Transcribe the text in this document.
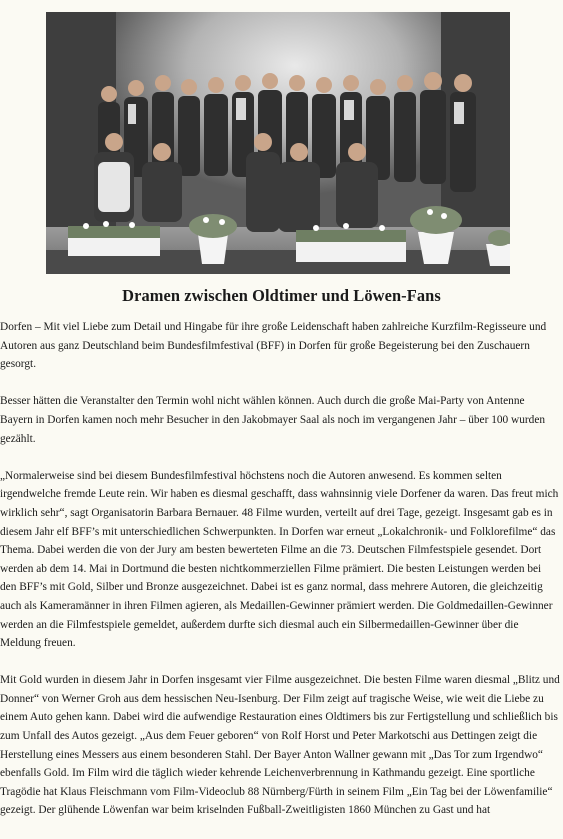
Dramen zwischen Oldtimer und Löwen-Fans

Dorfen – Mit viel Liebe zum Detail und Hingabe für ihre große Leidenschaft haben zahlreiche Kurzfilm-Regisseure und Autoren aus ganz Deutschland beim Bundesfilmfestival (BFF) in Dorfen für große Begeisterung bei den Zuschauern gesorgt.

Besser hätten die Veranstalter den Termin wohl nicht wählen können. Auch durch die große Mai-Party von Antenne Bayern in Dorfen kamen noch mehr Besucher in den Jakobmayer Saal als noch im vergangenen Jahr – über 100 wurden gezählt.

„Normalerweise sind bei diesem Bundesfilmfestival höchstens noch die Autoren anwesend. Es kommen selten irgendwelche fremde Leute rein. Wir haben es diesmal geschafft, dass wahnsinnig viele Dorfener da waren. Das freut mich wirklich sehr“, sagt Organisatorin Barbara Bernauer. 48 Filme wurden, verteilt auf drei Tage, gezeigt. Insgesamt gab es in diesem Jahr elf BFF’s mit unterschiedlichen Schwerpunkten. In Dorfen war erneut „Lokalchronik- und Folklorefilme“ das Thema. Dabei werden die von der Jury am besten bewerteten Filme an die 73. Deutschen Filmfestspiele gesendet. Dort werden ab dem 14. Mai in Dortmund die besten nichtkommerziellen Filme prämiert. Die besten Leistungen werden bei den BFF’s mit Gold, Silber und Bronze ausgezeichnet. Dabei ist es ganz normal, dass mehrere Autoren, die gleichzeitig auch als Kameramänner in ihren Filmen agieren, als Medaillen-Gewinner prämiert werden. Die Goldmedaillen-Gewinner werden an die Filmfestspiele gemeldet, außerdem durfte sich diesmal auch ein Silbermedaillen-Gewinner über die Meldung freuen.

Mit Gold wurden in diesem Jahr in Dorfen insgesamt vier Filme ausgezeichnet. Die besten Filme waren diesmal „Blitz und Donner“ von Werner Groh aus dem hessischen Neu-Isenburg. Der Film zeigt auf tragische Weise, wie weit die Liebe zu einem Auto gehen kann. Dabei wird die aufwendige Restauration eines Oldtimers bis zur Fertigstellung und schließlich bis zum Unfall des Autos gezeigt. „Aus dem Feuer geboren“ von Rolf Horst und Peter Markotschi aus Dettingen zeigt die Herstellung eines Messers aus einem besonderen Stahl. Der Bayer Anton Wallner gewann mit „Das Tor zum Irgendwo“ ebenfalls Gold. Im Film wird die täglich wieder kehrende Leichenverbrennung in Kathmandu gezeigt. Eine sportliche Tragödie hat Klaus Fleischmann vom Film-Videoclub 88 Nürnberg/Fürth in seinem Film „Ein Tag bei der Löwenfamilie“ gezeigt. Der glühende Löwenfan war beim kriselnden Fußball-Zweitligisten 1860 München zu Gast und hat
